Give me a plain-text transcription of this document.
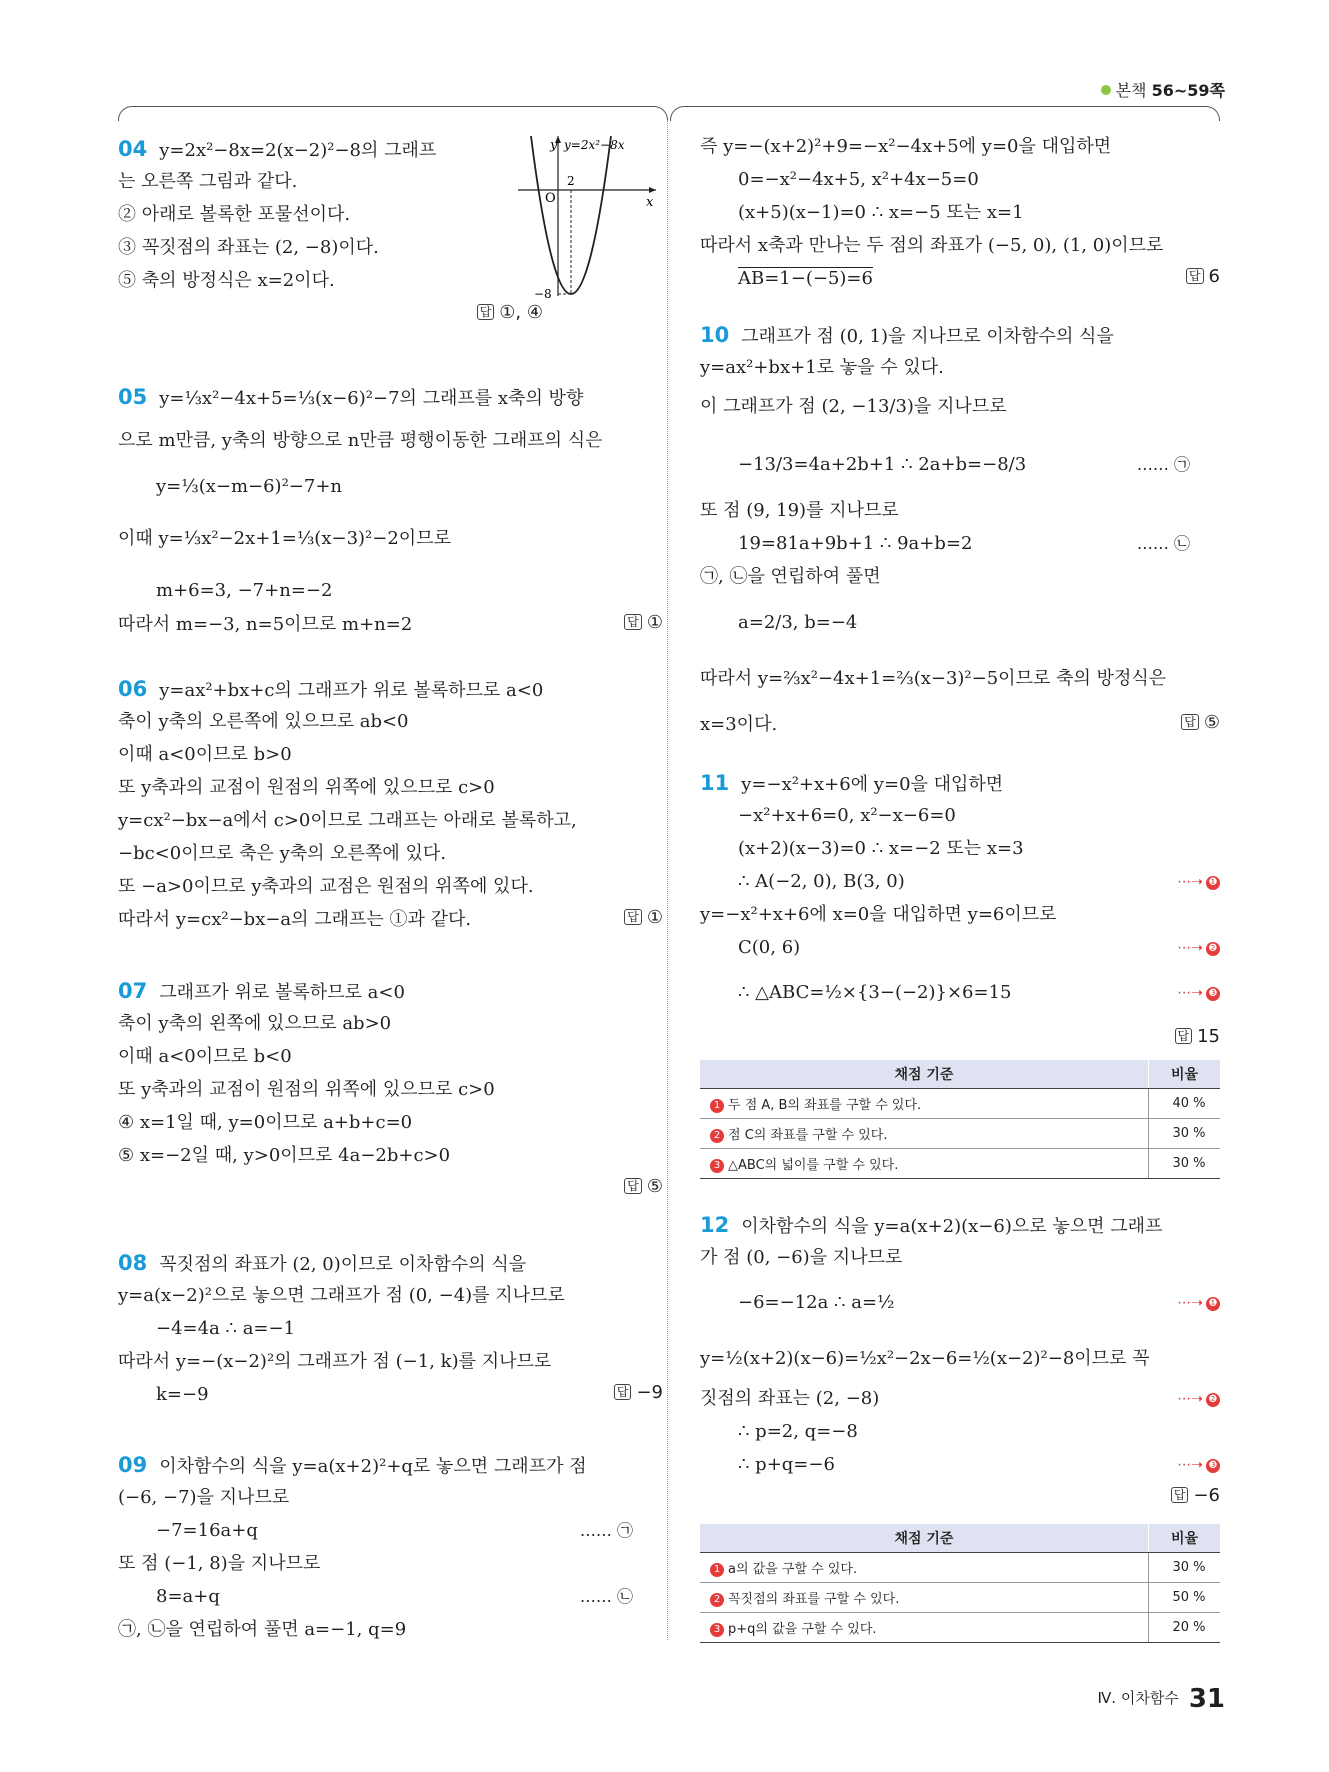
본책 56~59쪽
04 y=2x²−8x=2(x−2)²−8의 그래프
는 오른쪽 그림과 같다.
② 아래로 볼록한 포물선이다.
③ 꼭짓점의 좌표는 (2, −8)이다.
⑤ 축의 방정식은 x=2이다.
y y=2x²−8x
O	x
2
−8
답 ①, ④
05 y=⅓x²−4x+5=⅓(x−6)²−7의 그래프를 x축의 방향
으로 m만큼, y축의 방향으로 n만큼 평행이동한 그래프의 식은
y=⅓(x−m−6)²−7+n
이때 y=⅓x²−2x+1=⅓(x−3)²−2이므로
m+6=3, −7+n=−2
따라서 m=−3, n=5이므로 m+n=2	답 ①
06 y=ax²+bx+c의 그래프가 위로 볼록하므로 a<0
축이 y축의 오른쪽에 있으므로 ab<0
이때 a<0이므로 b>0
또 y축과의 교점이 원점의 위쪽에 있으므로 c>0
y=cx²−bx−a에서 c>0이므로 그래프는 아래로 볼록하고,
−bc<0이므로 축은 y축의 오른쪽에 있다.
또 −a>0이므로 y축과의 교점은 원점의 위쪽에 있다.
따라서 y=cx²−bx−a의 그래프는 ①과 같다.	답 ①
07 그래프가 위로 볼록하므로 a<0
축이 y축의 왼쪽에 있으므로 ab>0
이때 a<0이므로 b<0
또 y축과의 교점이 원점의 위쪽에 있으므로 c>0
④ x=1일 때, y=0이므로 a+b+c=0
⑤ x=−2일 때, y>0이므로 4a−2b+c>0
답 ⑤
08 꼭짓점의 좌표가 (2, 0)이므로 이차함수의 식을
y=a(x−2)²으로 놓으면 그래프가 점 (0, −4)를 지나므로
−4=4a ∴ a=−1
따라서 y=−(x−2)²의 그래프가 점 (−1, k)를 지나므로
k=−9	답 −9
09 이차함수의 식을 y=a(x+2)²+q로 놓으면 그래프가 점
(−6, −7)을 지나므로
−7=16a+q	…… ㉠
또 점 (−1, 8)을 지나므로
8=a+q	…… ㉡
㉠, ㉡을 연립하여 풀면 a=−1, q=9
즉 y=−(x+2)²+9=−x²−4x+5에 y=0을 대입하면
0=−x²−4x+5, x²+4x−5=0
(x+5)(x−1)=0 ∴ x=−5 또는 x=1
따라서 x축과 만나는 두 점의 좌표가 (−5, 0), (1, 0)이므로
AB=1−(−5)=6	답 6
10 그래프가 점 (0, 1)을 지나므로 이차함수의 식을
y=ax²+bx+1로 놓을 수 있다.
이 그래프가 점 (2, −13/3)을 지나므로
−13/3=4a+2b+1 ∴ 2a+b=−8/3	…… ㉠
또 점 (9, 19)를 지나므로
19=81a+9b+1 ∴ 9a+b=2	…… ㉡
㉠, ㉡을 연립하여 풀면
a=2/3, b=−4
따라서 y=⅔x²−4x+1=⅔(x−3)²−5이므로 축의 방정식은
x=3이다.	답 ⑤
11 y=−x²+x+6에 y=0을 대입하면
−x²+x+6=0, x²−x−6=0
(x+2)(x−3)=0 ∴ x=−2 또는 x=3
∴ A(−2, 0), B(3, 0)	⋯➝ ❶
y=−x²+x+6에 x=0을 대입하면 y=6이므로
C(0, 6)	⋯➝ ❷
∴ △ABC=½×{3−(−2)}×6=15	⋯➝ ❸
답 15
채점 기준	비율
1 두 점 A, B의 좌표를 구할 수 있다.	40 %
2 점 C의 좌표를 구할 수 있다.	30 %
3 △ABC의 넓이를 구할 수 있다.	30 %
12 이차함수의 식을 y=a(x+2)(x−6)으로 놓으면 그래프
가 점 (0, −6)을 지나므로
−6=−12a ∴ a=½	⋯➝ ❶
y=½(x+2)(x−6)=½x²−2x−6=½(x−2)²−8이므로 꼭
짓점의 좌표는 (2, −8)	⋯➝ ❷
∴ p=2, q=−8
∴ p+q=−6	⋯➝ ❸
답 −6
채점 기준	비율
1 a의 값을 구할 수 있다.	30 %
2 꼭짓점의 좌표를 구할 수 있다.	50 %
3 p+q의 값을 구할 수 있다.	20 %
Ⅳ. 이차함수 31
